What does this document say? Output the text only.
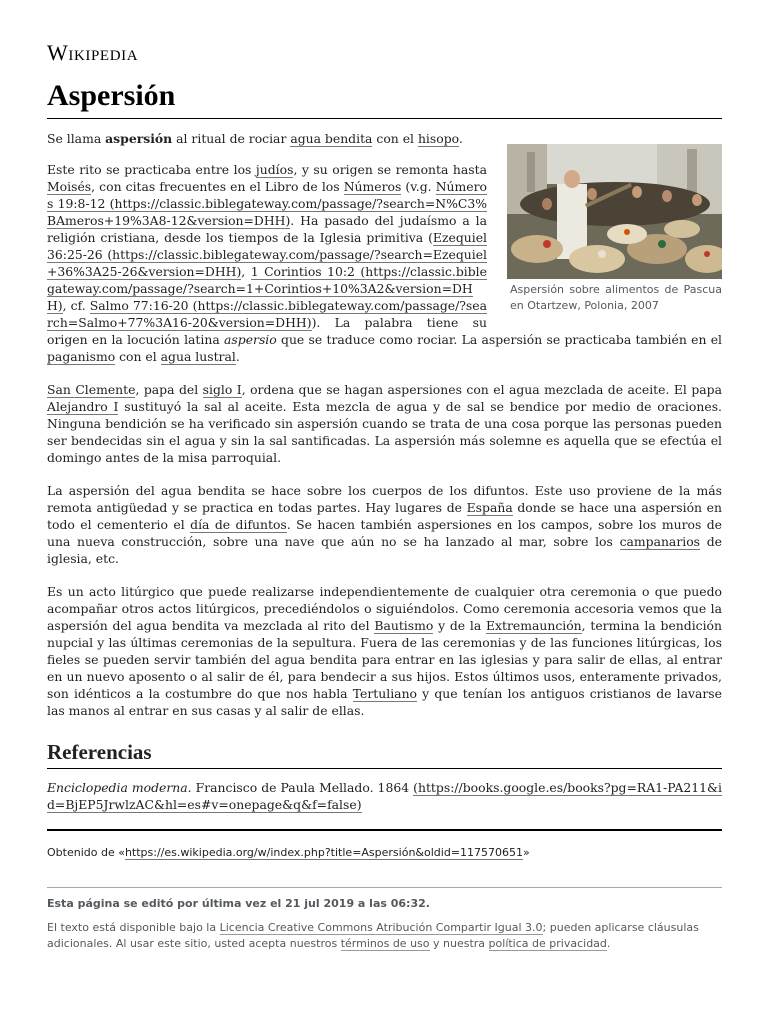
Wikipedia
Aspersión
Aspersión sobre alimentos de Pascua en Otartzew, Polonia, 2007

Se llama aspersión al ritual de rociar agua bendita con el hisopo.

Este rito se practicaba entre los judíos, y su origen se remonta hasta Moisés, con citas frecuentes en el Libro de los Números (v.g. Números 19:8-12 (https://classic.biblegateway.com/passage/?search=N%C3%BAmeros+19%3A8-12&version=DHH). Ha pasado del judaísmo a la religión cristiana, desde los tiempos de la Iglesia primitiva (Ezequiel 36:25-26 (https://classic.biblegateway.com/passage/?search=Ezequiel+36%3A25-26&version=DHH), 1 Corintios 10:2 (https://classic.biblegateway.com/passage/?search=1+Corintios+10%3A2&version=DHH), cf. Salmo 77:16-20 (https://classic.biblegateway.com/passage/?search=Salmo+77%3A16-20&version=DHH)). La palabra tiene su origen en la locución latina aspersio que se traduce como rociar. La aspersión se practicaba también en el paganismo con el agua lustral.

San Clemente, papa del siglo I, ordena que se hagan aspersiones con el agua mezclada de aceite. El papa Alejandro I sustituyó la sal al aceite. Esta mezcla de agua y de sal se bendice por medio de oraciones. Ninguna bendición se ha verificado sin aspersión cuando se trata de una cosa porque las personas pueden ser bendecidas sin el agua y sin la sal santificadas. La aspersión más solemne es aquella que se efectúa el domingo antes de la misa parroquial.

La aspersión del agua bendita se hace sobre los cuerpos de los difuntos. Este uso proviene de la más remota antigüedad y se practica en todas partes. Hay lugares de España donde se hace una aspersión en todo el cementerio el día de difuntos. Se hacen también aspersiones en los campos, sobre los muros de una nueva construcción, sobre una nave que aún no se ha lanzado al mar, sobre los campanarios de iglesia, etc.

Es un acto litúrgico que puede realizarse independientemente de cualquier otra ceremonia o que puedo acompañar otros actos litúrgicos, precediéndolos o siguiéndolos. Como ceremonia accesoria vemos que la aspersión del agua bendita va mezclada al rito del Bautismo y de la Extremaunción, termina la bendición nupcial y las últimas ceremonias de la sepultura. Fuera de las ceremonias y de las funciones litúrgicas, los fieles se pueden servir también del agua bendita para entrar en las iglesias y para salir de ellas, al entrar en un nuevo aposento o al salir de él, para bendecir a sus hijos. Estos últimos usos, enteramente privados, son idénticos a la costumbre do que nos habla Tertuliano y que tenían los antiguos cristianos de lavarse las manos al entrar en sus casas y al salir de ellas.

Referencias

Enciclopedia moderna. Francisco de Paula Mellado. 1864 (https://books.google.es/books?pg=RA1-PA211&id=BjEP5JrwlzAC&hl=es#v=onepage&q&f=false)

Obtenido de «https://es.wikipedia.org/w/index.php?title=Aspersión&oldid=117570651»
Esta página se editó por última vez el 21 jul 2019 a las 06:32.
El texto está disponible bajo la Licencia Creative Commons Atribución Compartir Igual 3.0; pueden aplicarse cláusulas adicionales. Al usar este sitio, usted acepta nuestros términos de uso y nuestra política de privacidad.
